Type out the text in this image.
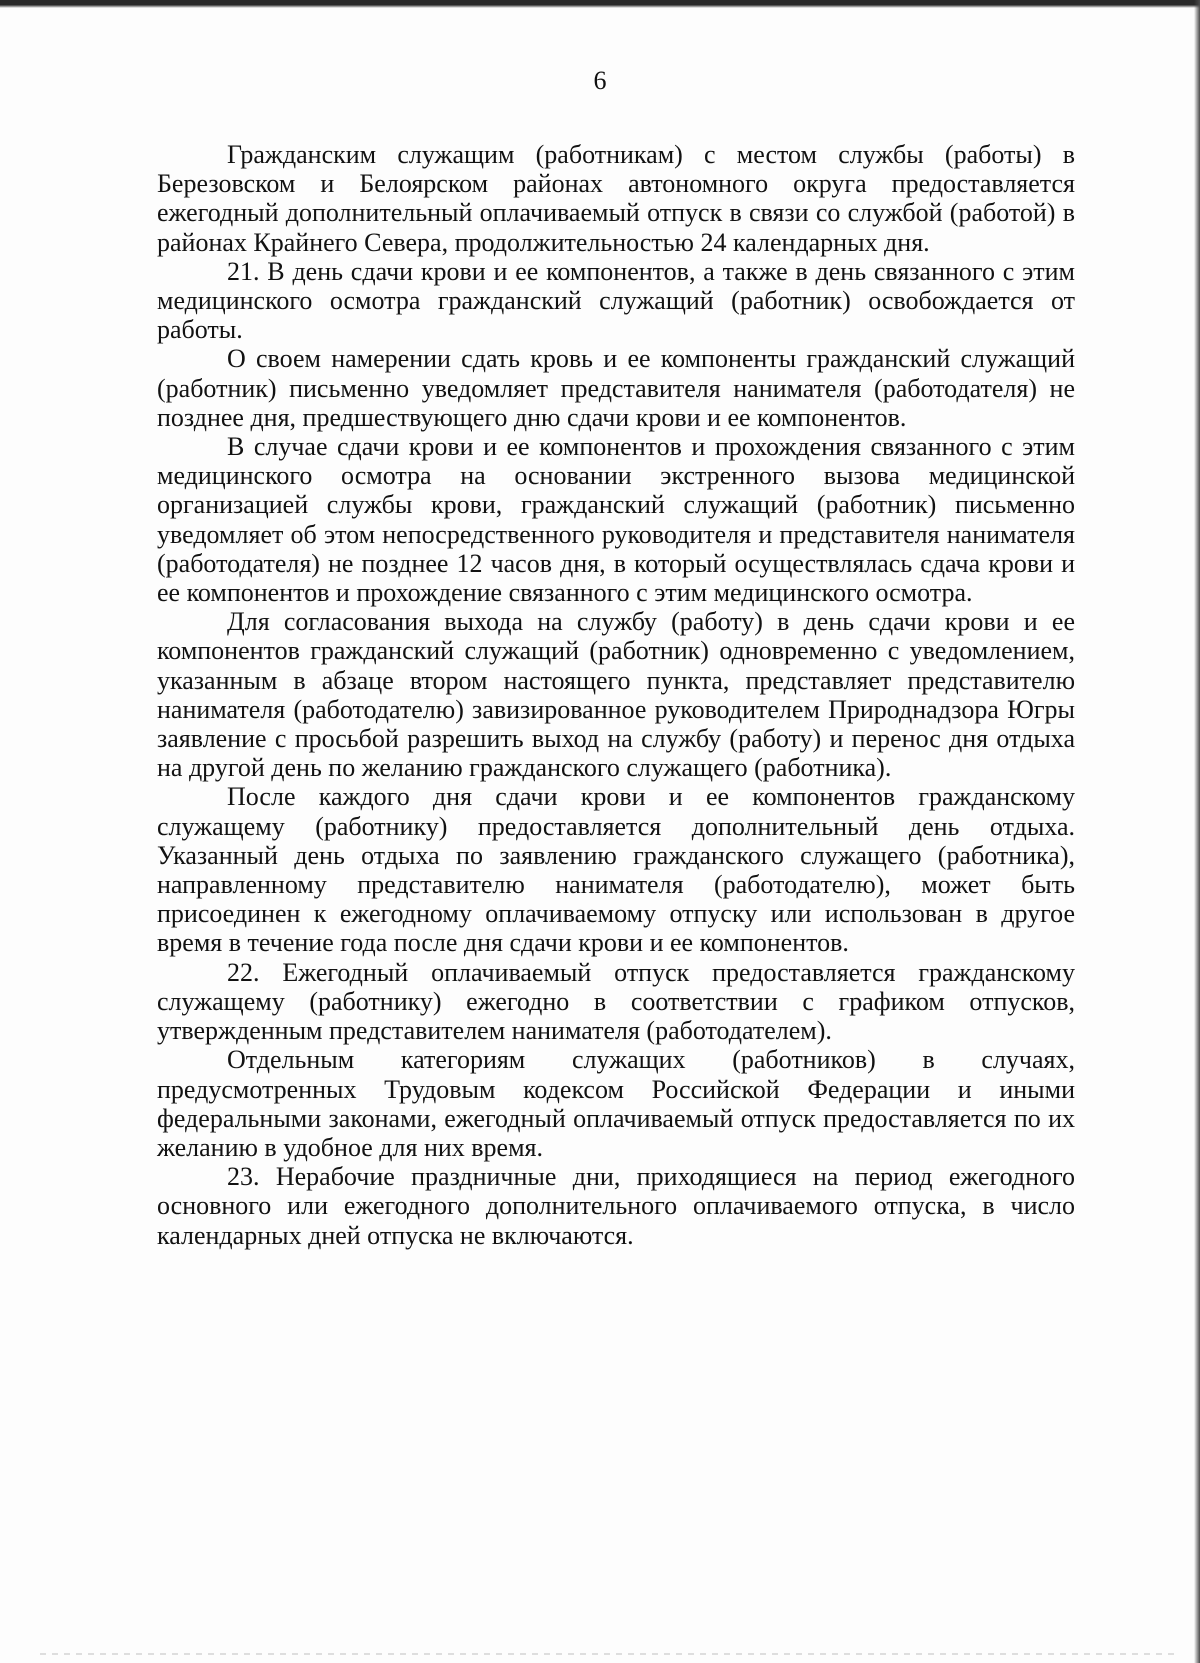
6

Гражданским служащим (работникам) с местом службы (работы) в Березовском и Белоярском районах автономного округа предоставляется ежегодный дополнительный оплачиваемый отпуск в связи со службой (работой) в районах Крайнего Севера, продолжительностью 24 календарных дня.

21. В день сдачи крови и ее компонентов, а также в день связанного с этим медицинского осмотра гражданский служащий (работник) освобождается от работы.

О своем намерении сдать кровь и ее компоненты гражданский служащий (работник) письменно уведомляет представителя нанимателя (работодателя) не позднее дня, предшествующего дню сдачи крови и ее компонентов.

В случае сдачи крови и ее компонентов и прохождения связанного с этим медицинского осмотра на основании экстренного вызова медицинской организацией службы крови, гражданский служащий (работник) письменно уведомляет об этом непосредственного руководителя и представителя нанимателя (работодателя) не позднее 12 часов дня, в который осуществлялась сдача крови и ее компонентов и прохождение связанного с этим медицинского осмотра.

Для согласования выхода на службу (работу) в день сдачи крови и ее компонентов гражданский служащий (работник) одновременно с уведомлением, указанным в абзаце втором настоящего пункта, представляет представителю нанимателя (работодателю) завизированное руководителем Природнадзора Югры заявление с просьбой разрешить выход на службу (работу) и перенос дня отдыха на другой день по желанию гражданского служащего (работника).

После каждого дня сдачи крови и ее компонентов гражданскому служащему (работнику) предоставляется дополнительный день отдыха. Указанный день отдыха по заявлению гражданского служащего (работника), направленному представителю нанимателя (работодателю), может быть присоединен к ежегодному оплачиваемому отпуску или использован в другое время в течение года после дня сдачи крови и ее компонентов.

22. Ежегодный оплачиваемый отпуск предоставляется гражданскому служащему (работнику) ежегодно в соответствии с графиком отпусков, утвержденным представителем нанимателя (работодателем).

Отдельным категориям служащих (работников) в случаях, предусмотренных Трудовым кодексом Российской Федерации и иными федеральными законами, ежегодный оплачиваемый отпуск предоставляется по их желанию в удобное для них время.

23. Нерабочие праздничные дни, приходящиеся на период ежегодного основного или ежегодного дополнительного оплачиваемого отпуска, в число календарных дней отпуска не включаются.
